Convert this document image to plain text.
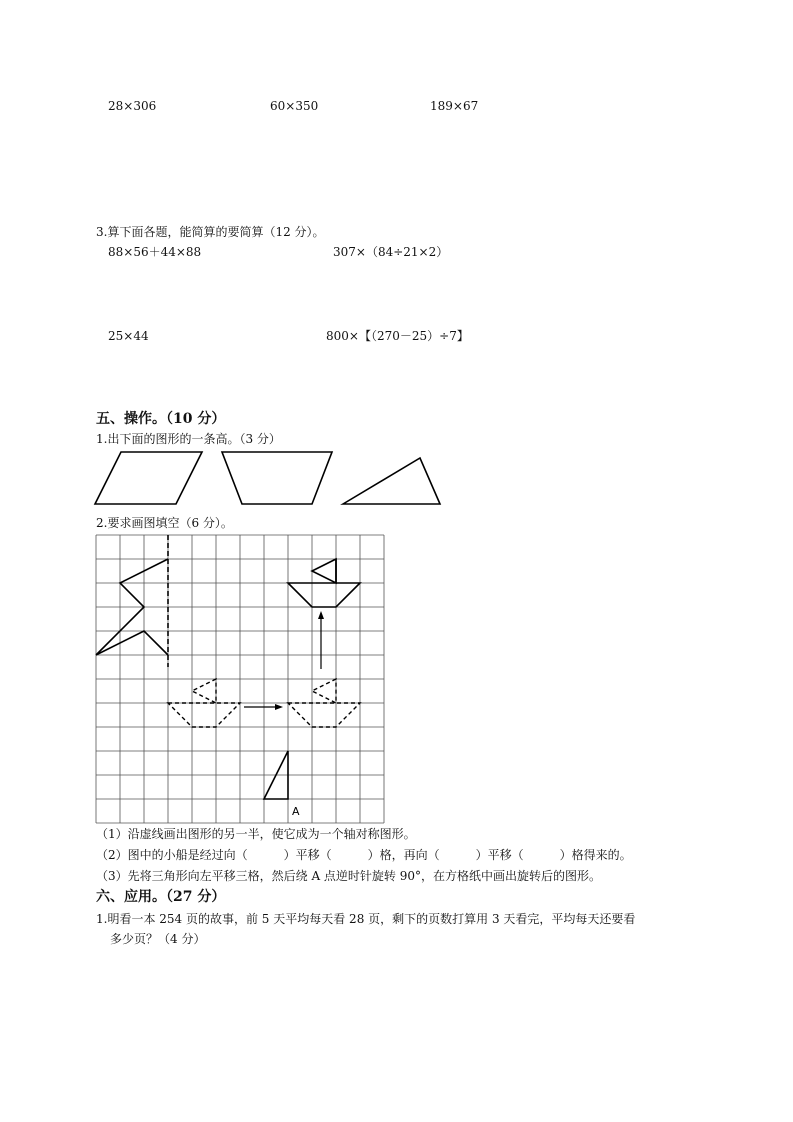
28×306	60×350	189×67
3.算下面各题，能简算的要简算（12 分）。
88×56＋44×88	307×（84÷21×2）
25×44	800×【（270－25）÷7】
五、操作。（10 分）
1.出下面的图形的一条高。（3 分）
2.要求画图填空（6 分）。
A
（1）沿虚线画出图形的另一半，使它成为一个轴对称图形。
（2）图中的小船是经过向（　　　）平移（　　　）格，再向（　　　）平移（　　　）格得来的。
（3）先将三角形向左平移三格，然后绕 A 点逆时针旋转 90°，在方格纸中画出旋转后的图形。
六、应用。（27 分）
1.明看一本 254 页的故事，前 5 天平均每天看 28 页，剩下的页数打算用 3 天看完，平均每天还要看
多少页？（4 分）
